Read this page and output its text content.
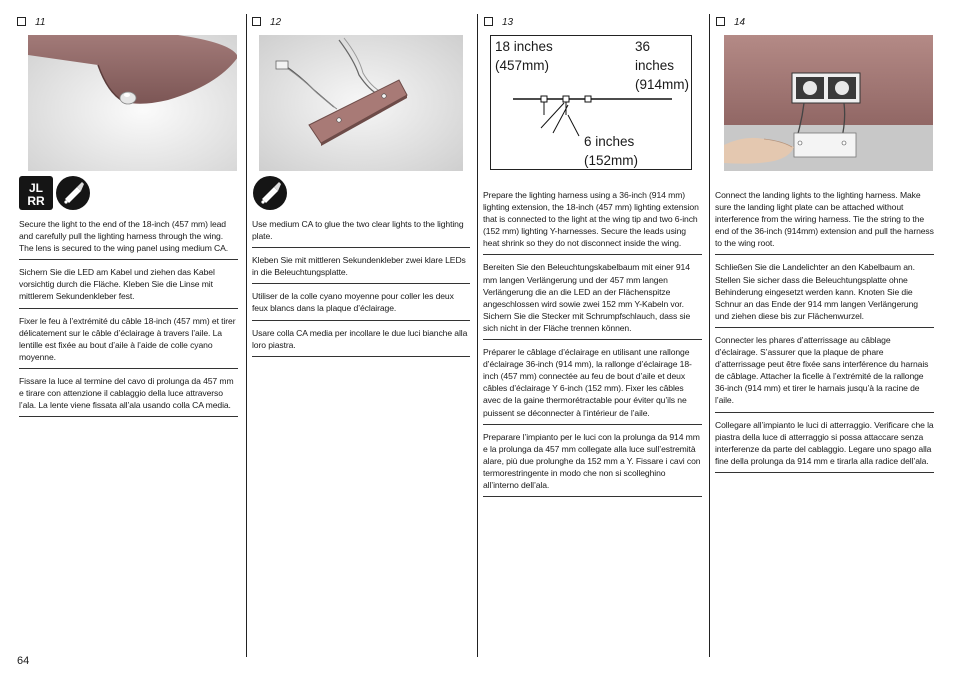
11
JL
RR

Secure the light to the end of the 18-inch (457 mm) lead and carefully pull the lighting harness through the wing. The lens is secured to the wing panel using medium CA.

Sichern Sie die LED am Kabel und ziehen das Kabel vorsichtig durch die Fläche. Kleben Sie die Linse mit mittlerem Sekundenkleber fest.

Fixer le feu à l’extrémité du câble 18-inch (457 mm) et tirer délicatement sur le câble d’éclairage à travers l’aile. La lentille est fixée au bout d’aile à l’aide de colle cyano moyenne.

Fissare la luce al termine del cavo di prolunga da 457 mm e tirare con attenzione il cablaggio della luce attraverso l’ala. La lente viene fissata all’ala usando colla CA media.

12

Use medium CA to glue the two clear lights to the lighting plate.

Kleben Sie mit mittleren Sekundenkleber zwei klare LEDs in die Beleuchtungsplatte.

Utiliser de la colle cyano moyenne pour coller les deux feux blancs dans la plaque d’éclairage.

Usare colla CA media per incollare le due luci bianche alla loro piastra.

13
18 inches
(457mm)
36 inches
(914mm)
6 inches
(152mm)

Prepare the lighting harness using a 36-inch (914 mm) lighting extension, the 18-inch (457 mm) lighting extension that is connected to the light at the wing tip and two 6-inch (152 mm) lighting Y-harnesses. Secure the leads using heat shrink so they do not disconnect inside the wing.

Bereiten Sie den Beleuchtungskabelbaum mit einer 914 mm langen Verlängerung und der 457 mm langen Verlängerung die an die LED an der Flächenspitze angeschlossen wird sowie zwei 152 mm Y-Kabeln vor. Sichern Sie die Stecker mit Schrumpfschlauch, dass sie sich nicht in der Fläche trennen können.

Préparer le câblage d’éclairage en utilisant une rallonge d’éclairage 36-inch (914 mm), la rallonge d’éclairage 18-inch (457 mm) connectée au feu de bout d’aile et deux câbles d’éclairage Y 6-inch (152 mm). Fixer les câbles avec de la gaine thermorétractable pour éviter qu’ils ne puissent se déconnecter à l’intérieur de l’aile.

Preparare l’impianto per le luci con la prolunga da 914 mm e la prolunga da 457 mm collegate alla luce sull’estremità alare, più due prolunghe da 152 mm a Y. Fissare i cavi con termorestringente in modo che non si scolleghino all’interno dell’ala.

14

Connect the landing lights to the lighting harness. Make sure the landing light plate can be attached without interference from the wiring harness. Tie the string to the end of the 36-inch (914mm) extension and pull the harness to the wing root.

Schließen Sie die Landelichter an den Kabelbaum an. Stellen Sie sicher dass die Beleuchtungsplatte ohne Behinderung eingesetzt werden kann. Knoten Sie die Schnur an das Ende der 914 mm langen Verlängerung und ziehen diese bis zur Flächenwurzel.

Connecter les phares d’atterrissage au câblage d’éclairage. S’assurer que la plaque de phare d’atterrissage peut être fixée sans interférence du harnais de câblage. Attacher la ficelle à l’extrémité de la rallonge 36-inch (914 mm) et tirer le harnais jusqu’à la racine de l’aile.

Collegare all’impianto le luci di atterraggio. Verificare che la piastra della luce di atterraggio si possa attaccare senza interferenze da parte del cablaggio. Legare uno spago alla fine della prolunga da 914 mm e tirarla alla radice dell’ala.

64
